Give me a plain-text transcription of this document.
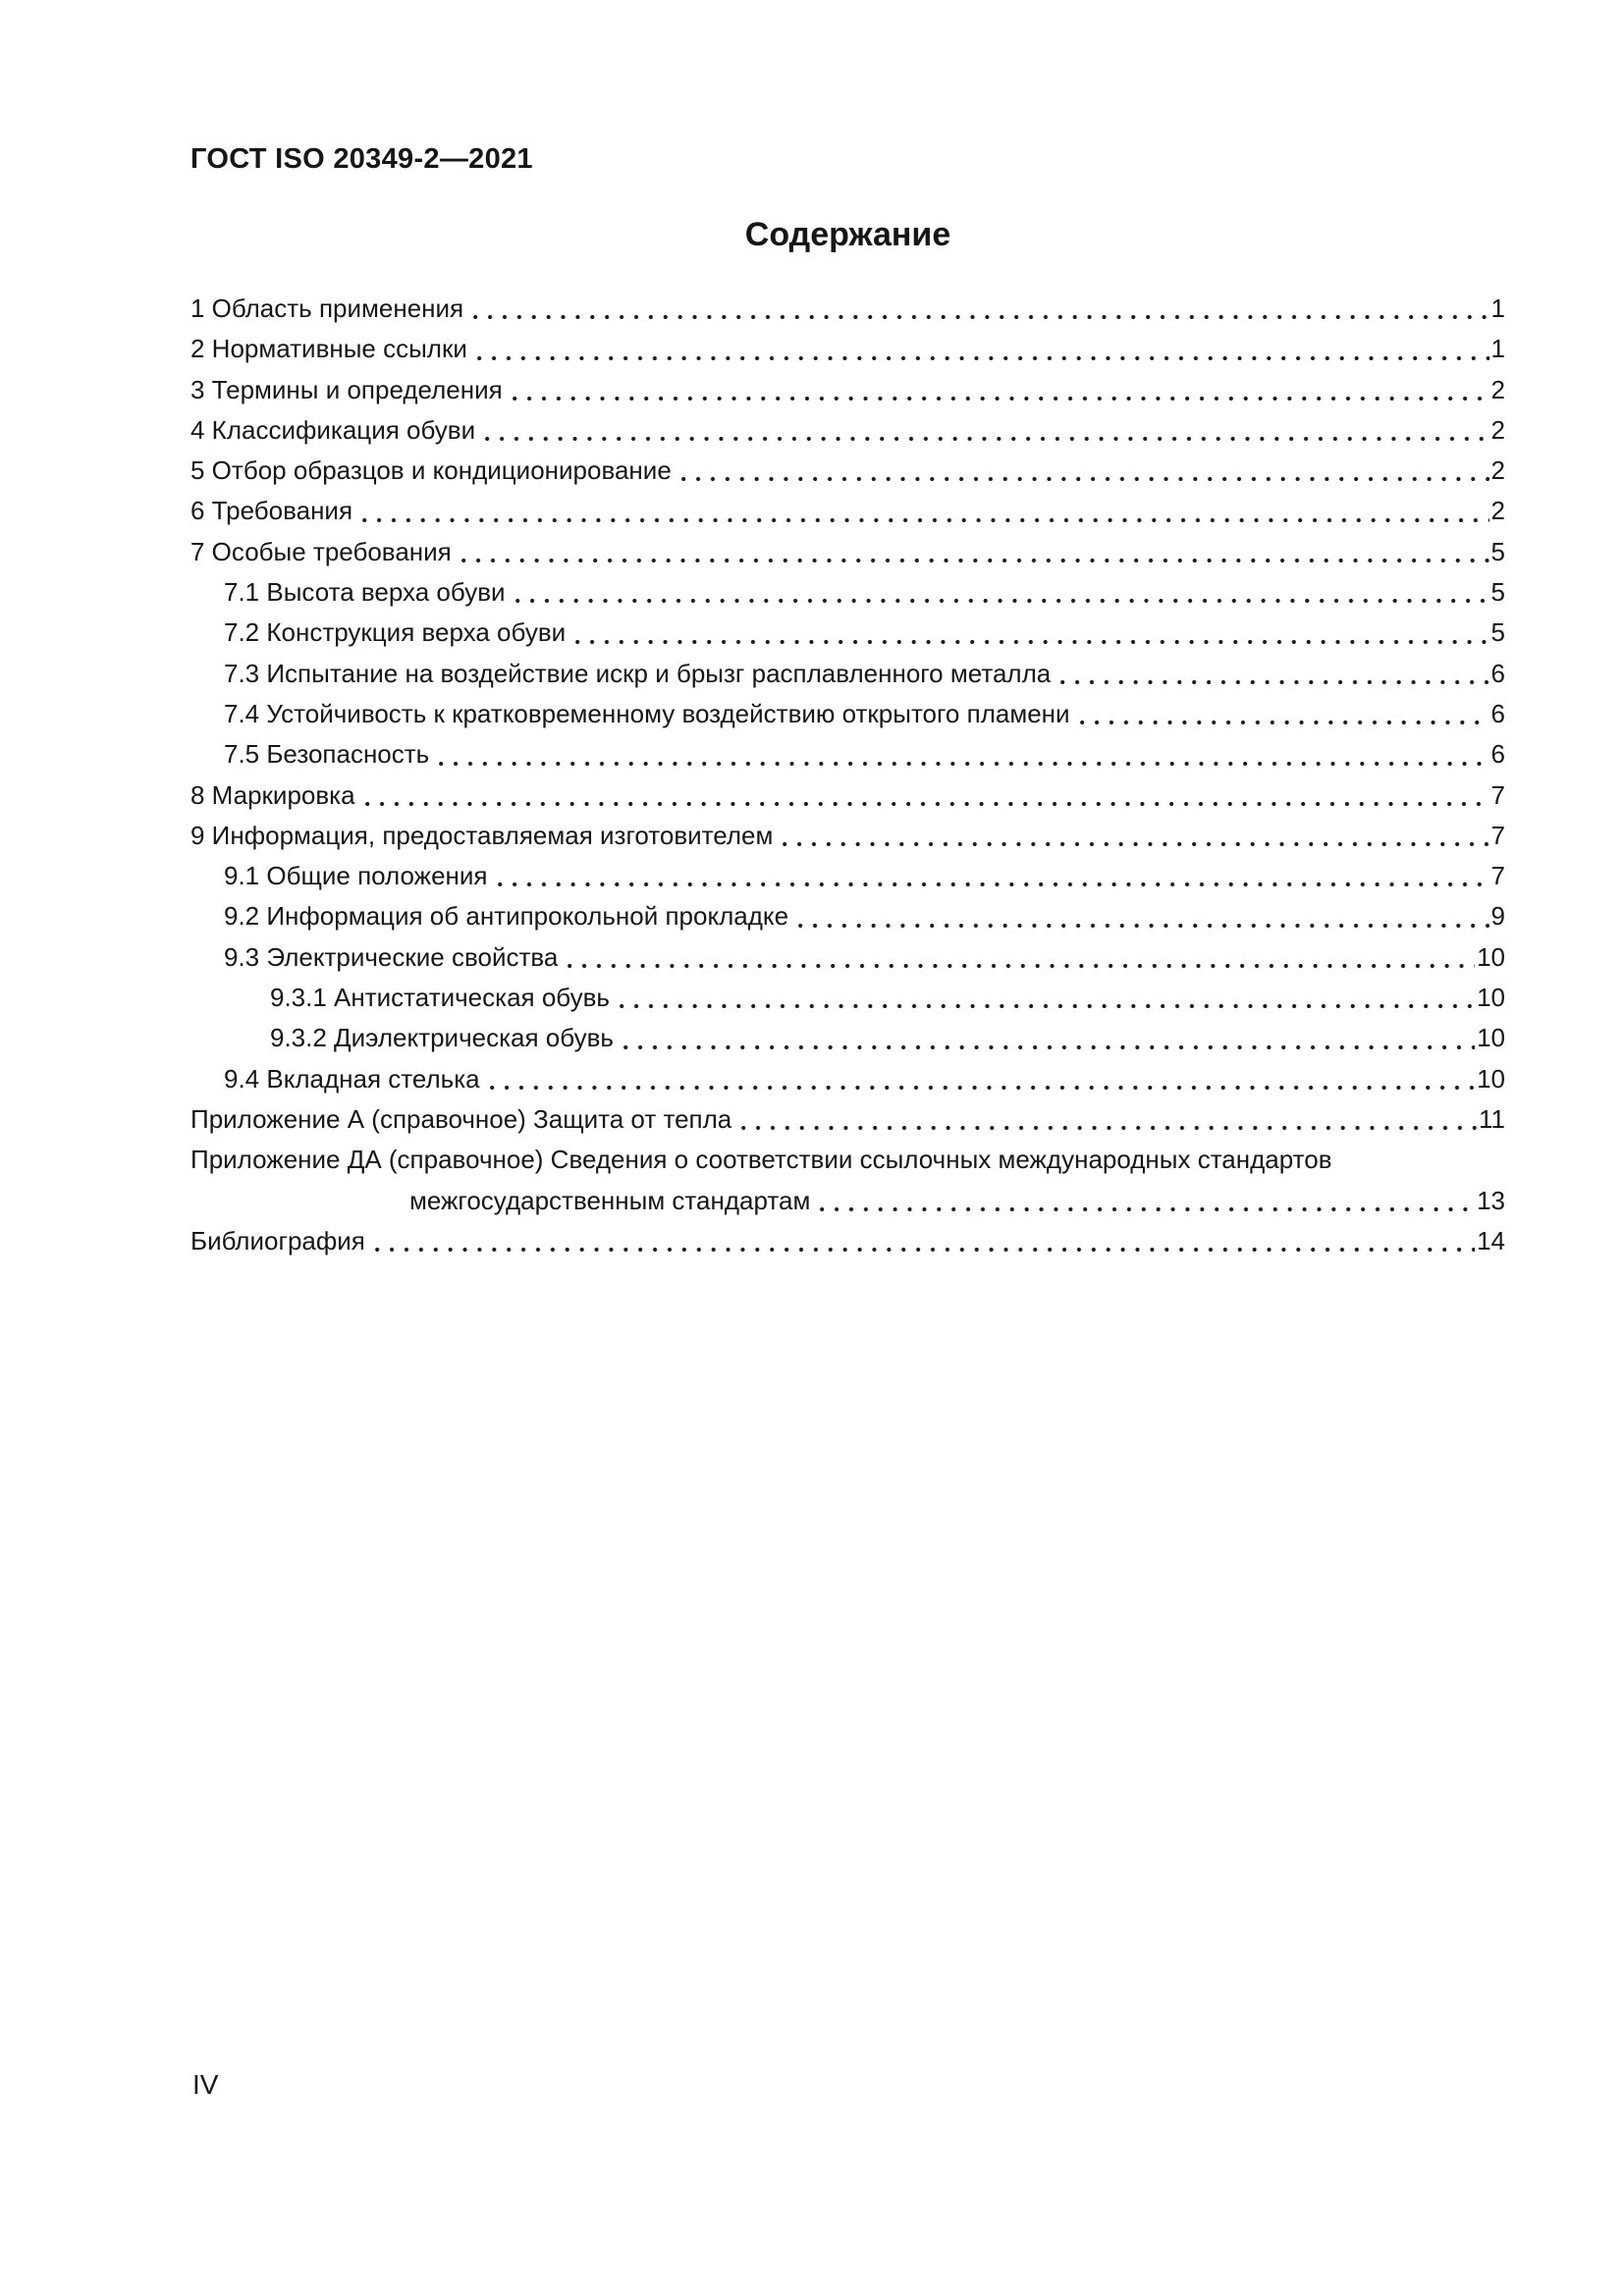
ГОСТ ISO 20349-2—2021
Содержание
1 Область применения	1
2 Нормативные ссылки	1
3 Термины и определения	2
4 Классификация обуви	2
5 Отбор образцов и кондиционирование	2
6 Требования	2
7 Особые требования	5
7.1 Высота верха обуви	5
7.2 Конструкция верха обуви	5
7.3 Испытание на воздействие искр и брызг расплавленного металла	6
7.4 Устойчивость к кратковременному воздействию открытого пламени	6
7.5 Безопасность	6
8 Маркировка	7
9 Информация, предоставляемая изготовителем	7
9.1 Общие положения	7
9.2 Информация об антипрокольной прокладке	9
9.3 Электрические свойства	10
9.3.1 Антистатическая обувь	10
9.3.2 Диэлектрическая обувь	10
9.4 Вкладная стелька	10
Приложение А (справочное) Защита от тепла	11
Приложение ДА (справочное) Сведения о соответствии ссылочных международных стандартов
межгосударственным стандартам	13
Библиография	14
IV
